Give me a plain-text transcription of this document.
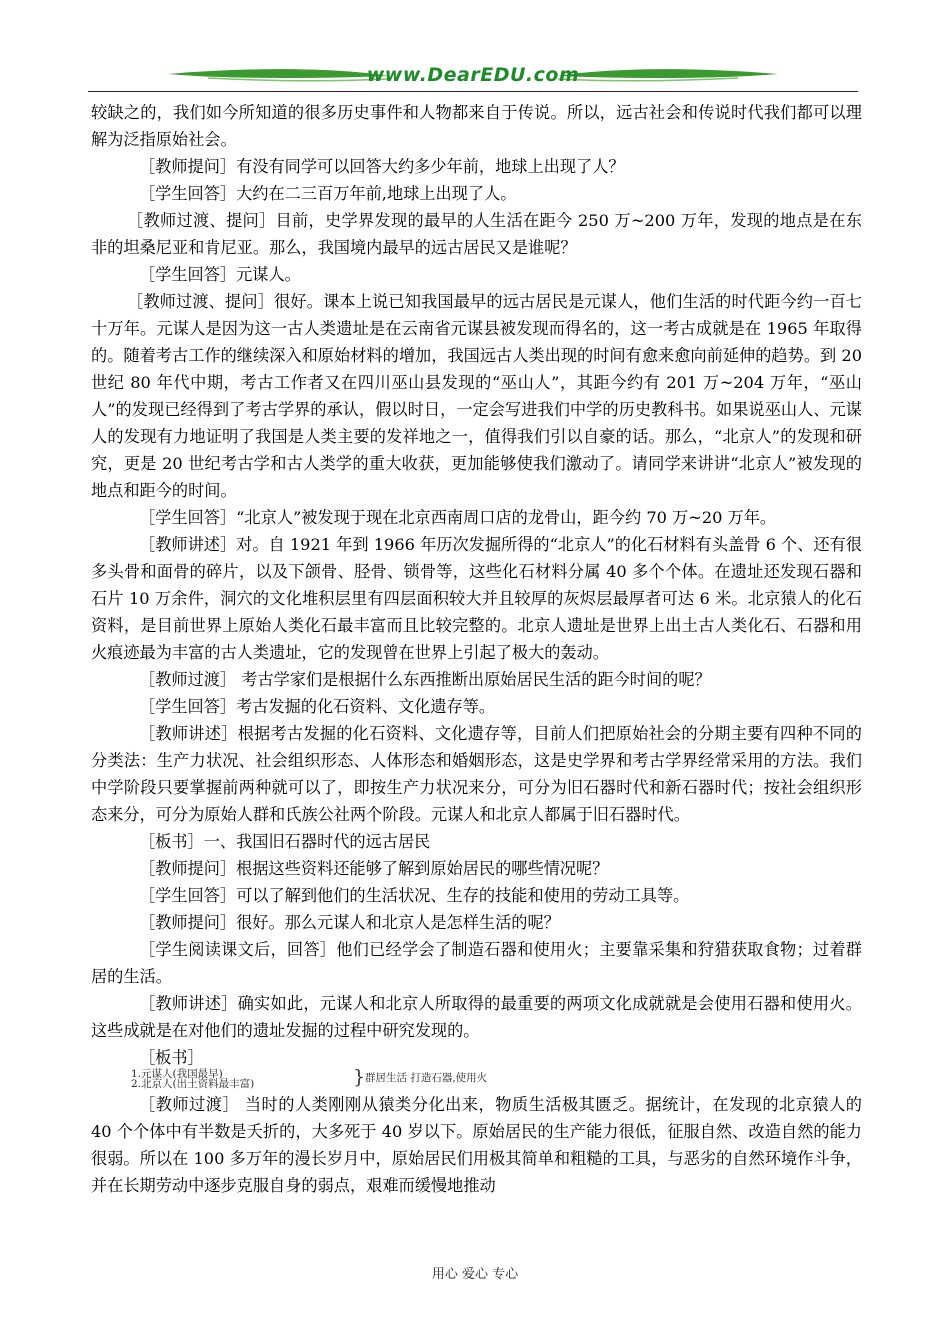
www.DearEDU.com

较缺之的，我们如今所知道的很多历史事件和人物都来自于传说。所以，远古社会和传说时代我们都可以理解为泛指原始社会。

［教师提问］有没有同学可以回答大约多少年前，地球上出现了人？

［学生回答］大约在二三百万年前,地球上出现了人。

［教师过渡、提问］目前，史学界发现的最早的人生活在距今 250 万~200 万年，发现的地点是在东非的坦桑尼亚和肯尼亚。那么，我国境内最早的远古居民又是谁呢？

［学生回答］元谋人。

［教师过渡、提问］很好。课本上说已知我国最早的远古居民是元谋人，他们生活的时代距今约一百七十万年。元谋人是因为这一古人类遗址是在云南省元谋县被发现而得名的，这一考古成就是在 1965 年取得的。随着考古工作的继续深入和原始材料的增加，我国远古人类出现的时间有愈来愈向前延伸的趋势。到 20 世纪 80 年代中期，考古工作者又在四川巫山县发现的“巫山人”，其距今约有 201 万~204 万年，“巫山人”的发现已经得到了考古学界的承认，假以时日，一定会写进我们中学的历史教科书。如果说巫山人、元谋人的发现有力地证明了我国是人类主要的发祥地之一，值得我们引以自豪的话。那么，“北京人”的发现和研究，更是 20 世纪考古学和古人类学的重大收获，更加能够使我们激动了。请同学来讲讲“北京人”被发现的地点和距今的时间。

［学生回答］“北京人”被发现于现在北京西南周口店的龙骨山，距今约 70 万~20 万年。

［教师讲述］对。自 1921 年到 1966 年历次发掘所得的“北京人”的化石材料有头盖骨 6 个、还有很多头骨和面骨的碎片，以及下颌骨、胫骨、锁骨等，这些化石材料分属 40 多个个体。在遗址还发现石器和石片 10 万余件，洞穴的文化堆积层里有四层面积较大并且较厚的灰烬层最厚者可达 6 米。北京猿人的化石资料，是目前世界上原始人类化石最丰富而且比较完整的。北京人遗址是世界上出土古人类化石、石器和用火痕迹最为丰富的古人类遗址，它的发现曾在世界上引起了极大的轰动。

［教师过渡］ 考古学家们是根据什么东西推断出原始居民生活的距今时间的呢？

［学生回答］考古发掘的化石资料、文化遗存等。

［教师讲述］根据考古发掘的化石资料、文化遗存等，目前人们把原始社会的分期主要有四种不同的分类法：生产力状况、社会组织形态、人体形态和婚姻形态，这是史学界和考古学界经常采用的方法。我们中学阶段只要掌握前两种就可以了，即按生产力状况来分，可分为旧石器时代和新石器时代；按社会组织形态来分，可分为原始人群和氏族公社两个阶段。元谋人和北京人都属于旧石器时代。

［板书］一、我国旧石器时代的远古居民

［教师提问］根据这些资料还能够了解到原始居民的哪些情况呢？

［学生回答］可以了解到他们的生活状况、生存的技能和使用的劳动工具等。

［教师提问］很好。那么元谋人和北京人是怎样生活的呢？

［学生阅读课文后，回答］他们已经学会了制造石器和使用火；主要靠采集和狩猎获取食物；过着群居的生活。

［教师讲述］确实如此，元谋人和北京人所取得的最重要的两项文化成就就是会使用石器和使用火。这些成就是在对他们的遗址发掘的过程中研究发现的。

［板书］

1.元谋人(我国最早)
2.北京人(出土资料最丰富)	} 群居生活 打造石器,使用火

［教师过渡］ 当时的人类刚刚从猿类分化出来，物质生活极其匮乏。据统计，在发现的北京猿人的 40 个个体中有半数是夭折的，大多死于 40 岁以下。原始居民的生产能力很低，征服自然、改造自然的能力很弱。所以在 100 多万年的漫长岁月中，原始居民们用极其简单和粗糙的工具，与恶劣的自然环境作斗争，并在长期劳动中逐步克服自身的弱点，艰难而缓慢地推动

用心 爱心 专心
